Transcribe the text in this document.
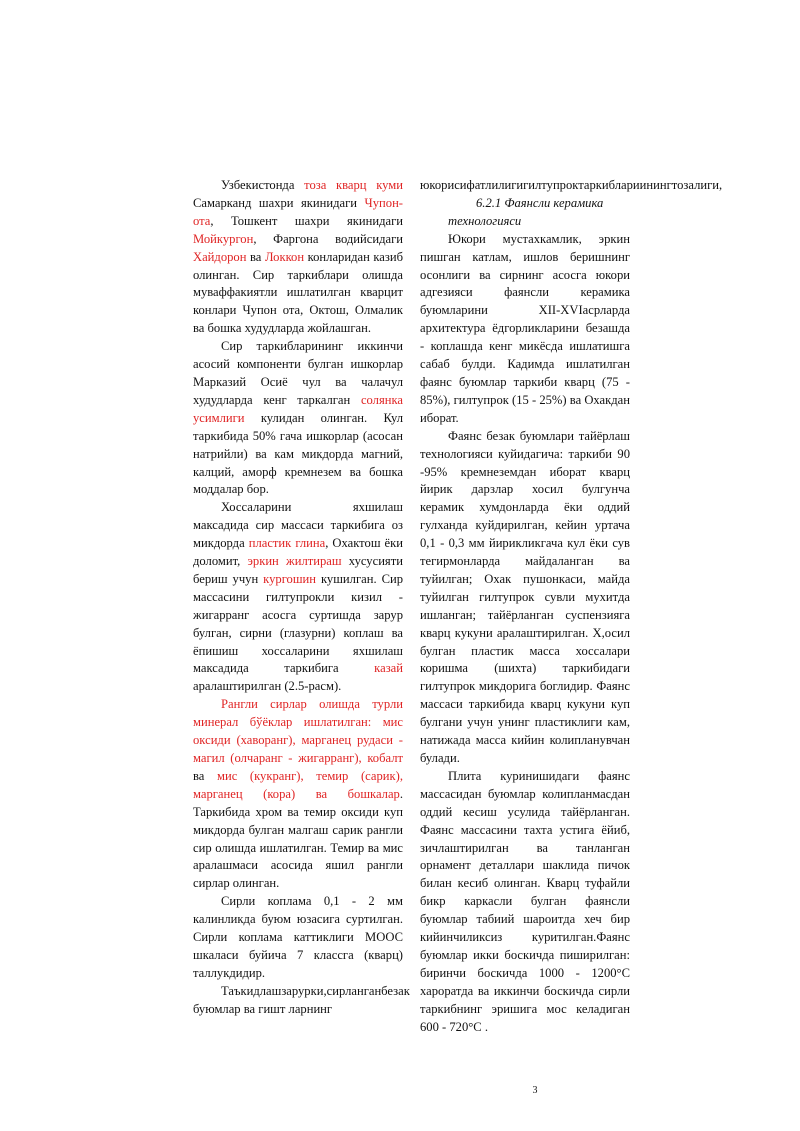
Узбекистонда тоза кварц куми Самарканд шахри якинидаги Чупон-ота, Тошкент шахри якинидаги Мойкургон, Фаргона водийсидаги Хайдорон ва Локкон конларидан казиб олинган. Сир таркиблари олишда муваффакиятли ишлатилган кварцит конлари Чупон ота, Октош, Олмалик ва бошка худудларда жойлашган.

Сир таркибларининг иккинчи асосий компоненти булган ишкорлар Марказий Осиё чул ва чалачул худудларда кенг таркалган солянка усимлиги кулидан олинган. Кул таркибида 50% гача ишкорлар (асосан натрийли) ва кам микдорда магний, калций, аморф кремнезем ва бошка моддалар бор.

Хоссаларини яхшилаш максадида сир массаси таркибига оз микдорда пластик глина, Охактош ёки доломит, эркин жилтираш хусусияти бериш учун кургошин кушилган. Сир массасини гилтупрокли кизил - жигарранг асосга суртишда зарур булган, сирни (глазурни) коплаш ва ёпишиш хоссаларини яхшилаш максадида таркибига казай аралаштирилган (2.5-расм).

Рангли сирлар олишда турли минерал бўёклар ишлатилган: мис оксиди (хаворанг), марганец рудаси - магил (олчаранг - жигарранг), кобалт ва мис (кукранг), темир (сарик), марганец (кора) ва бошкалар. Таркибида хром ва темир оксиди куп микдорда булган малгаш сарик рангли сир олишда ишлатилган. Темир ва мис аралашмаси асосида яшил рангли сирлар олинган.

Сирли коплама 0,1 - 2 мм калинликда буюм юзасига суртилган. Сирли коплама каттиклиги МООС шкаласи буйича 7 классга (кварц) таллукдидир.

Таъкидлашзарурки,сирланганбезак буюмлар ва гишт ларнинг

юкорисифатлилигигилтупроктаркиблариинингтозалиги,

6.2.1 Фаянсли керамика технологияси

Юкори мустахкамлик, эркин пишган катлам, ишлов беришнинг осонлиги ва сирнинг асосга юкори адгезияси фаянсли керамика буюмларини XII-XVIасрларда архитектура ёдгорликларини безашда - коплашда кенг микёсда ишлатишга сабаб булди. Кадимда ишлатилган фаянс буюмлар таркиби кварц (75 - 85%), гилтупрок (15 - 25%) ва Охакдан иборат.

Фаянс безак буюмлари тайёрлаш технологияси куйидагича: таркиби 90 -95% кремнеземдан иборат кварц йирик дарзлар хосил булгунча керамик хумдонларда ёки оддий гулханда куйдирилган, кейин уртача 0,1 - 0,3 мм йирикликгача кул ёки сув тегирмонларда майдаланган ва туйилган; Охак пушонкаси, майда туйилган гилтупрок сувли мухитда ишланган; тайёрланган суспензияга кварц кукуни аралаштирилган. Х,осил булган пластик масса хоссалари коришма (шихта) таркибидаги гилтупрок микдорига боглидир. Фаянс массаси таркибида кварц кукуни куп булгани учун унинг пластиклиги кам, натижада масса кийин колипланувчан булади.

Плита куринишидаги фаянс массасидан буюмлар колипланмасдан оддий кесиш усулида тайёрланган. Фаянс массасини тахта устига ёйиб, зичлаштирилган ва танланган орнамент деталлари шаклида пичок билан кесиб олинган. Кварц туфайли бикр каркасли булган фаянсли буюмлар табиий шароитда хеч бир кийинчиликсиз куритилган.Фаянс буюмлар икки боскичда пиширилган: биринчи боскичда 1000 - 1200°С хароратда ва иккинчи боскичда сирли таркибнинг эришига мос келадиган 600 - 720°С .

3
